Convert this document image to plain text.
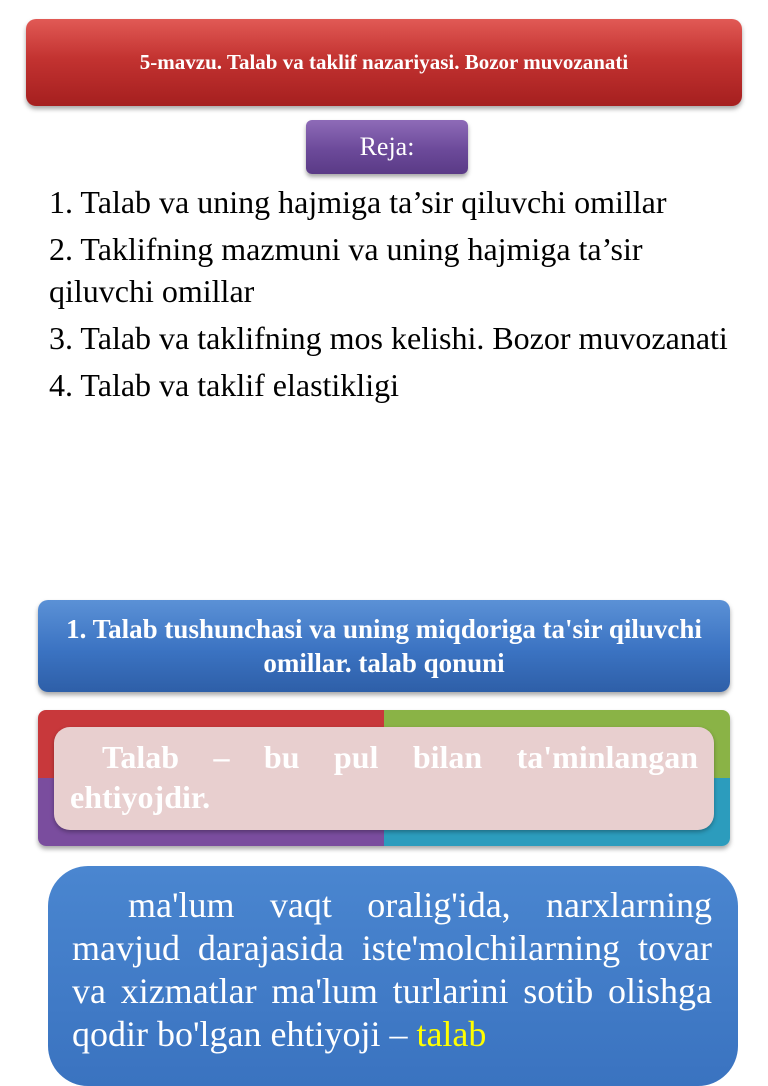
5-mavzu. Talab va taklif nazariyasi. Bozor muvozanati
Reja:
1. Talab va uning hajmiga ta’sir qiluvchi omillar
2. Taklifning mazmuni va uning hajmiga ta’sir qiluvchi omillar
3. Talab va taklifning mos kelishi. Bozor muvozanati
4. Talab va taklif elastikligi
1. Talab tushunchasi va uning miqdoriga ta'sir qiluvchi omillar. talab qonuni
Talab – bu pul bilan ta'minlangan ehtiyojdir.
ma'lum vaqt oralig'ida, narxlarning mavjud darajasida iste'molchilarning tovar va xizmatlar ma'lum turlarini sotib olishga qodir bo'lgan ehtiyoji – talab
